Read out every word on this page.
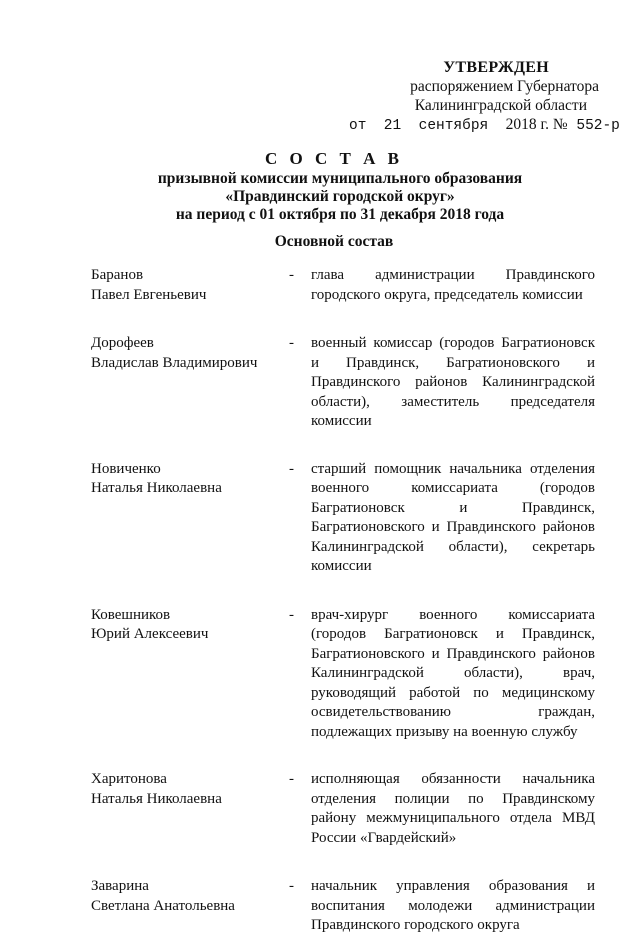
УТВЕРЖДЕН
распоряжением Губернатора
Калининградской области
от  21  сентября  2018 г. № 552-р
С О С Т А В
призывной комиссии муниципального образования
«Правдинский городской округ»
на период с 01 октября по 31 декабря 2018 года
Основной состав
Баранов
Павел Евгеньевич
- глава администрации Правдинского городского округа, председатель комиссии
Дорофеев
Владислав Владимирович
- военный комиссар (городов Багратионовск и Правдинск, Багратионовского и Правдинского районов Калининградской области), заместитель председателя комиссии
Новиченко
Наталья Николаевна
- старший помощник начальника отделения военного комиссариата (городов Багратионовск и Правдинск, Багратионовского и Правдинского районов Калининградской области), секретарь комиссии
Ковешников
Юрий Алексеевич
- врач-хирург военного комиссариата (городов Багратионовск и Правдинск, Багратионовского и Правдинского районов Калининградской области), врач, руководящий работой по медицинскому освидетельствованию граждан, подлежащих призыву на военную службу
Харитонова
Наталья Николаевна
- исполняющая обязанности начальника отделения полиции по Правдинскому району межмуниципального отдела МВД России «Гвардейский»
Заварина
Светлана Анатольевна
- начальник управления образования и воспитания молодежи администрации Правдинского городского округа
